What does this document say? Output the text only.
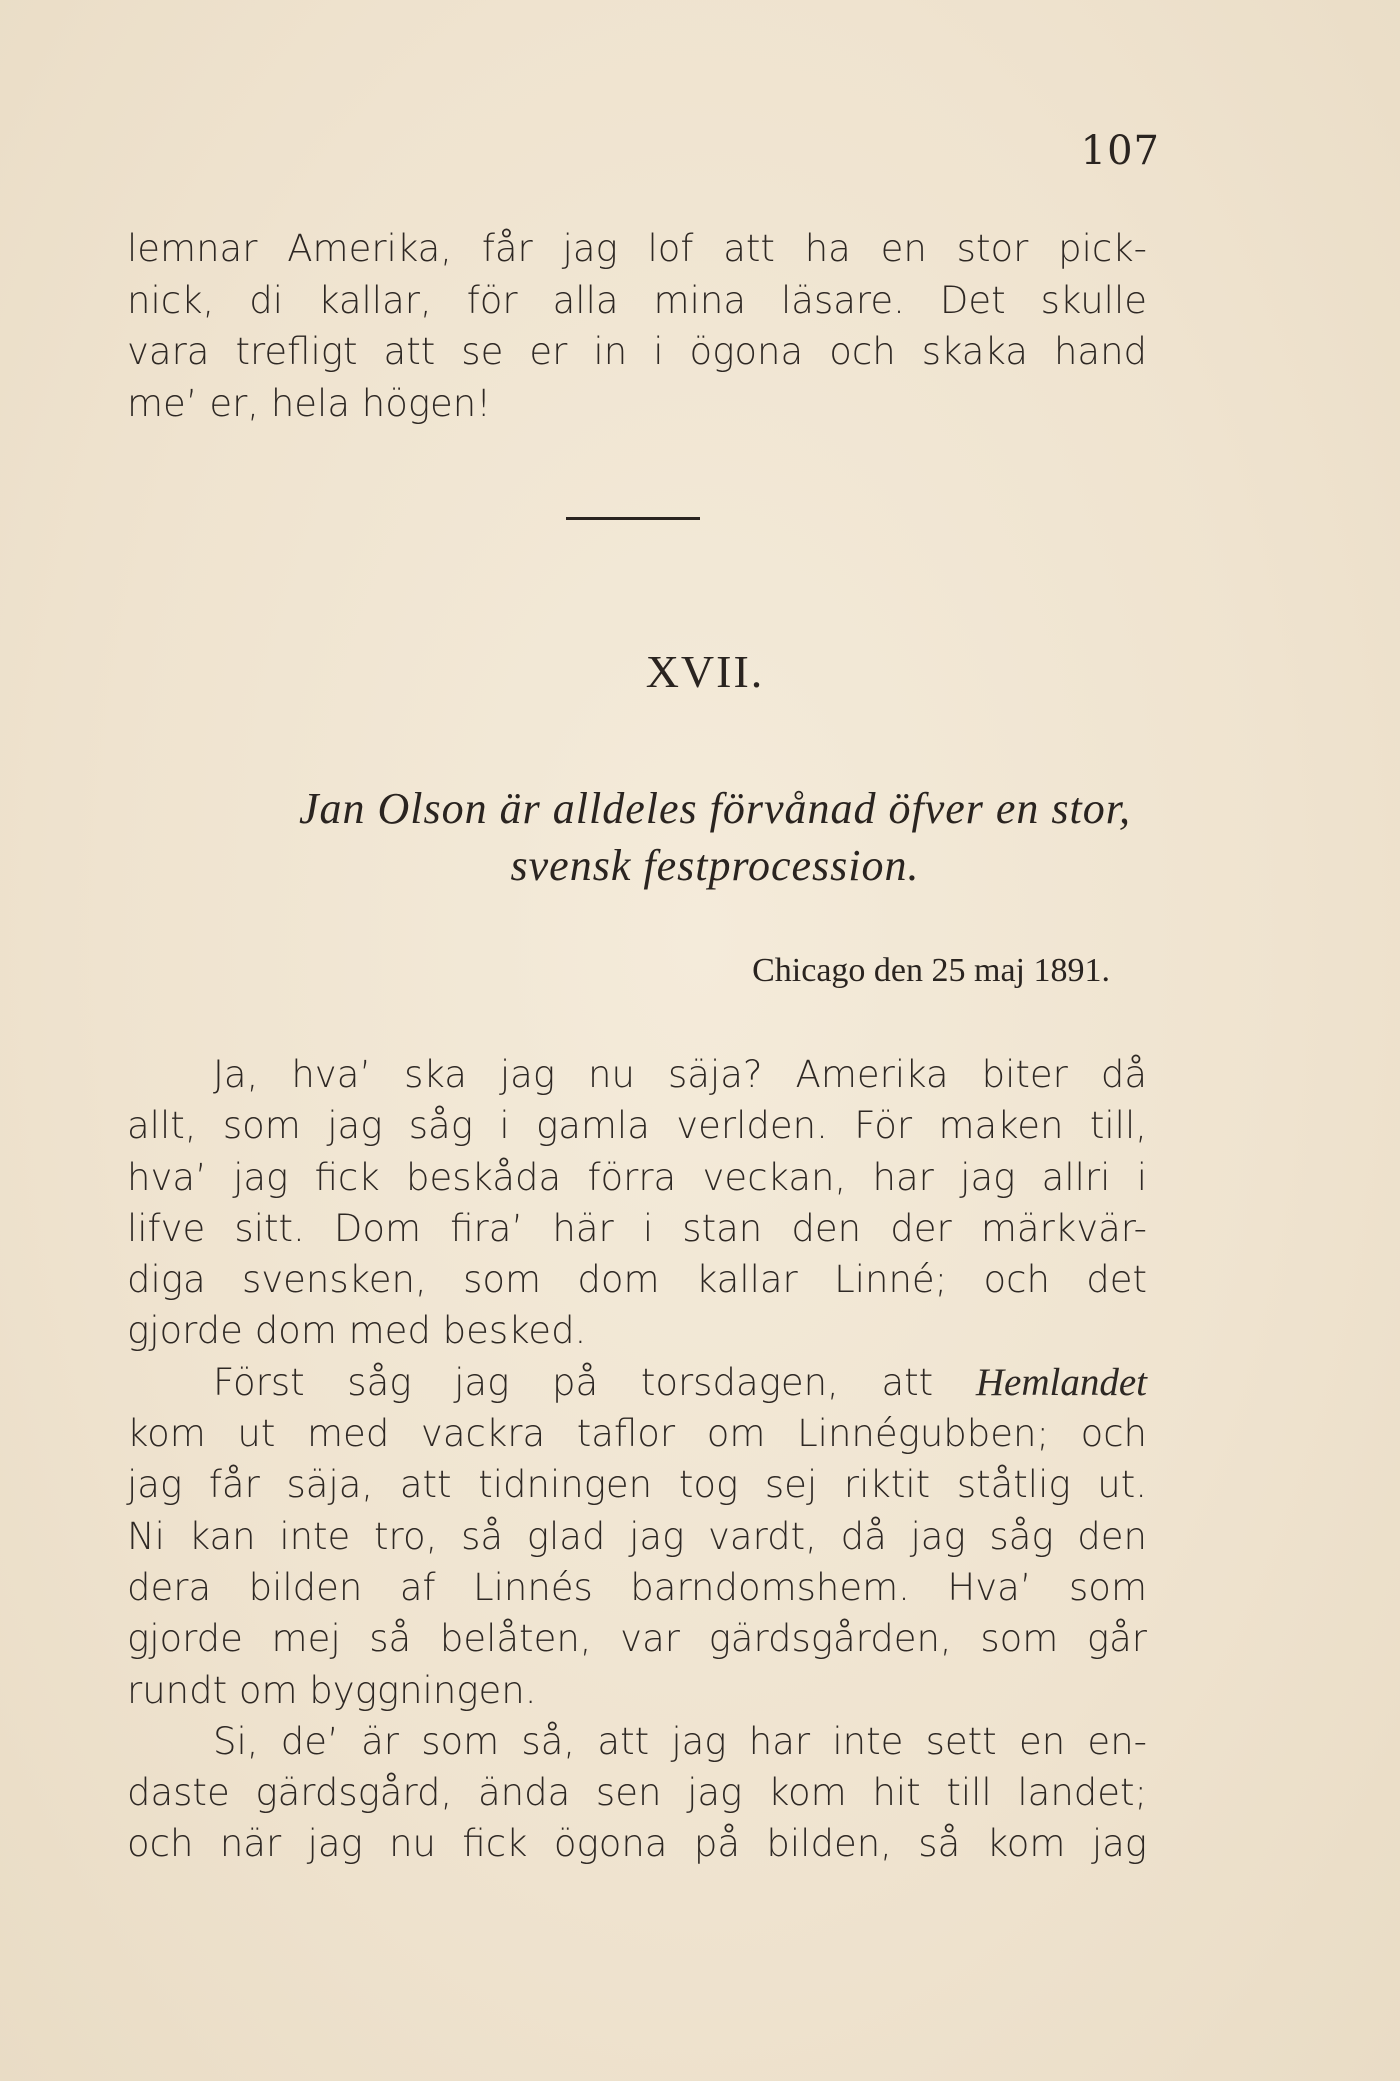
107
lemnar Amerika, får jag lof att ha en stor pick-
nick, di kallar, för alla mina läsare. Det skulle
vara trefligt att se er in i ögona och skaka hand
me’ er, hela högen!
XVII.
Jan Olson är alldeles förvånad öfver en stor,
svensk festprocession.
Chicago den 25 maj 1891.
Ja, hva’ ska jag nu säja? Amerika biter då
allt, som jag såg i gamla verlden. För maken till,
hva’ jag fick beskåda förra veckan, har jag allri i
lifve sitt. Dom fira’ här i stan den der märkvär-
diga svensken, som dom kallar Linné; och det
gjorde dom med besked.
Först såg jag på torsdagen, att Hemlandet
kom ut med vackra taflor om Linnégubben; och
jag får säja, att tidningen tog sej riktit ståtlig ut.
Ni kan inte tro, så glad jag vardt, då jag såg den
dera bilden af Linnés barndomshem. Hva’ som
gjorde mej så belåten, var gärdsgården, som går
rundt om byggningen.
Si, de’ är som så, att jag har inte sett en en-
daste gärdsgård, ända sen jag kom hit till landet;
och när jag nu fick ögona på bilden, så kom jag
